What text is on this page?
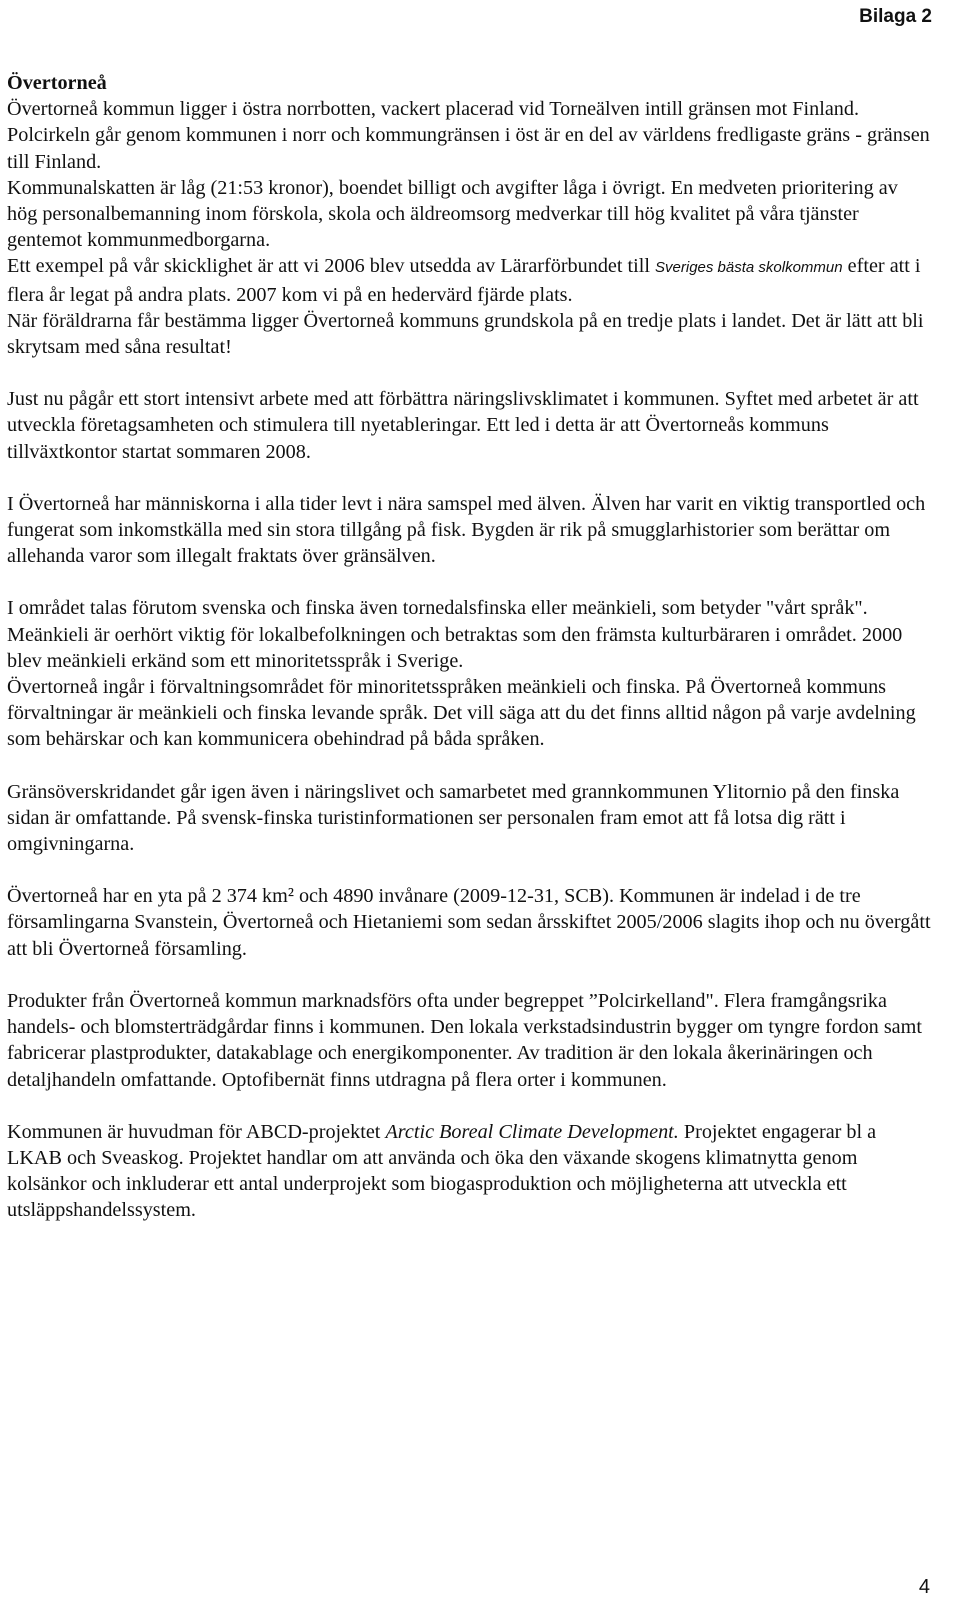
Bilaga 2

Övertorneå

Övertorneå kommun ligger i östra norrbotten, vackert placerad vid Torneälven intill gränsen mot Finland. Polcirkeln går genom kommunen i norr och kommungränsen i öst är en del av världens fredligaste gräns - gränsen till Finland.

Kommunalskatten är låg (21:53 kronor), boendet billigt och avgifter låga i övrigt. En medveten prioritering av hög personalbemanning inom förskola, skola och äldreomsorg medverkar till hög kvalitet på våra tjänster gentemot kommunmedborgarna.

Ett exempel på vår skicklighet är att vi 2006 blev utsedda av Lärarförbundet till Sveriges bästa skolkommun efter att i flera år legat på andra plats. 2007 kom vi på en hedervärd fjärde plats.

När föräldrarna får bestämma ligger Övertorneå kommuns grundskola på en tredje plats i landet. Det är lätt att bli skrytsam med såna resultat!

Just nu pågår ett stort intensivt arbete med att förbättra näringslivsklimatet i kommunen. Syftet med arbetet är att utveckla företagsamheten och stimulera till nyetableringar. Ett led i detta är att Övertorneås kommuns tillväxtkontor startat sommaren 2008.

I Övertorneå har människorna i alla tider levt i nära samspel med älven. Älven har varit en viktig transportled och fungerat som inkomstkälla med sin stora tillgång på fisk. Bygden är rik på smugglarhistorier som berättar om allehanda varor som illegalt fraktats över gränsälven.

I området talas förutom svenska och finska även tornedalsfinska eller meänkieli, som betyder "vårt språk". Meänkieli är oerhört viktig för lokalbefolkningen och betraktas som den främsta kulturbäraren i området. 2000 blev meänkieli erkänd som ett minoritetsspråk i Sverige.

Övertorneå ingår i förvaltningsområdet för minoritetsspråken meänkieli och finska. På Övertorneå kommuns förvaltningar är meänkieli och finska levande språk. Det vill säga att du det finns alltid någon på varje avdelning som behärskar och kan kommunicera obehindrad på båda språken.

Gränsöverskridandet går igen även i näringslivet och samarbetet med grannkommunen Ylitornio på den finska sidan är omfattande. På svensk-finska turistinformationen ser personalen fram emot att få lotsa dig rätt i omgivningarna.

Övertorneå har en yta på 2 374 km² och 4890 invånare (2009-12-31, SCB). Kommunen är indelad i de tre församlingarna Svanstein, Övertorneå och Hietaniemi som sedan årsskiftet 2005/2006 slagits ihop och nu övergått att bli Övertorneå församling.

Produkter från Övertorneå kommun marknadsförs ofta under begreppet ”Polcirkelland". Flera framgångsrika handels- och blomsterträdgårdar finns i kommunen. Den lokala verkstadsindustrin bygger om tyngre fordon samt fabricerar plastprodukter, datakablage och energikomponenter. Av tradition är den lokala åkerinäringen och detaljhandeln omfattande. Optofibernät finns utdragna på flera orter i kommunen.

Kommunen är huvudman för ABCD-projektet Arctic Boreal Climate Development. Projektet engagerar bl a LKAB och Sveaskog. Projektet handlar om att använda och öka den växande skogens klimatnytta genom kolsänkor och inkluderar ett antal underprojekt som biogasproduktion och möjligheterna att utveckla ett utsläppshandelssystem.

4
